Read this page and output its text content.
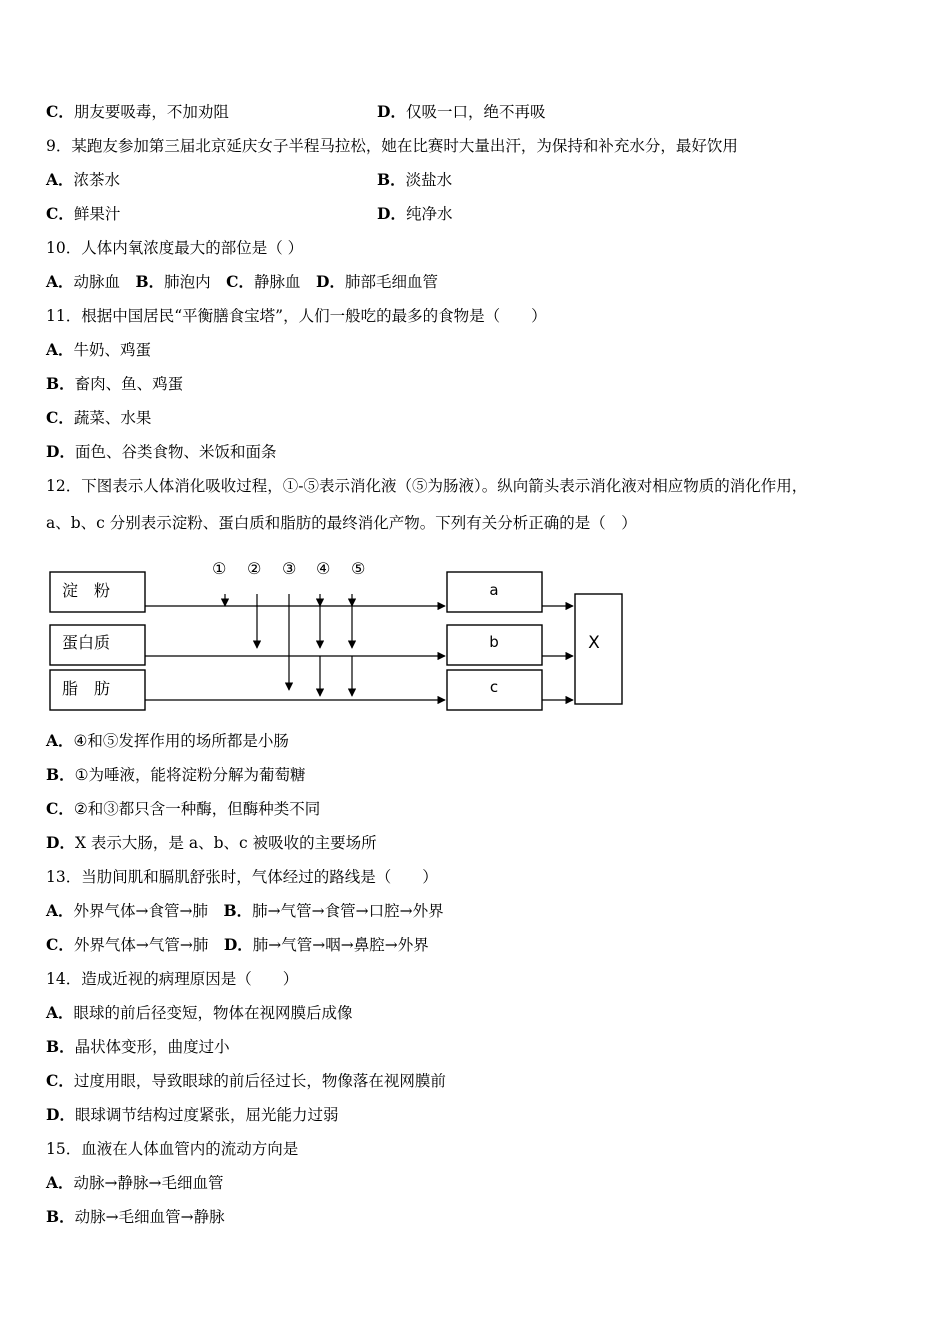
C．朋友要吸毒，不加劝阻	D．仅吸一口，绝不再吸
9．某跑友参加第三届北京延庆女子半程马拉松，她在比赛时大量出汗，为保持和补充水分，最好饮用
A．浓茶水	B．淡盐水
C．鲜果汁	D．纯净水
10．人体内氧浓度最大的部位是（ ）
A．动脉血  B．肺泡内  C．静脉血  D．肺部毛细血管
11．根据中国居民“平衡膳食宝塔”，人们一般吃的最多的食物是（　　）
A．牛奶、鸡蛋
B．畜肉、鱼、鸡蛋
C．蔬菜、水果
D．面色、谷类食物、米饭和面条
12．下图表示人体消化吸收过程，①-⑤表示消化液（⑤为肠液）。纵向箭头表示消化液对相应物质的消化作用，
a、b、c 分别表示淀粉、蛋白质和脂肪的最终消化产物。下列有关分析正确的是（　）
淀　粉
蛋白质
脂　肪
① ② ③ ④ ⑤
a
b
c
X
A．④和⑤发挥作用的场所都是小肠
B．①为唾液，能将淀粉分解为葡萄糖
C．②和③都只含一种酶，但酶种类不同
D．X 表示大肠，是 a、b、c 被吸收的主要场所
13．当肋间肌和膈肌舒张时，气体经过的路线是（　　）
A．外界气体→食管→肺  B．肺→气管→食管→口腔→外界
C．外界气体→气管→肺  D．肺→气管→咽→鼻腔→外界
14．造成近视的病理原因是（　　）
A．眼球的前后径变短，物体在视网膜后成像
B．晶状体变形，曲度过小
C．过度用眼，导致眼球的前后径过长，物像落在视网膜前
D．眼球调节结构过度紧张，屈光能力过弱
15．血液在人体血管内的流动方向是
A．动脉→静脉→毛细血管
B．动脉→毛细血管→静脉
